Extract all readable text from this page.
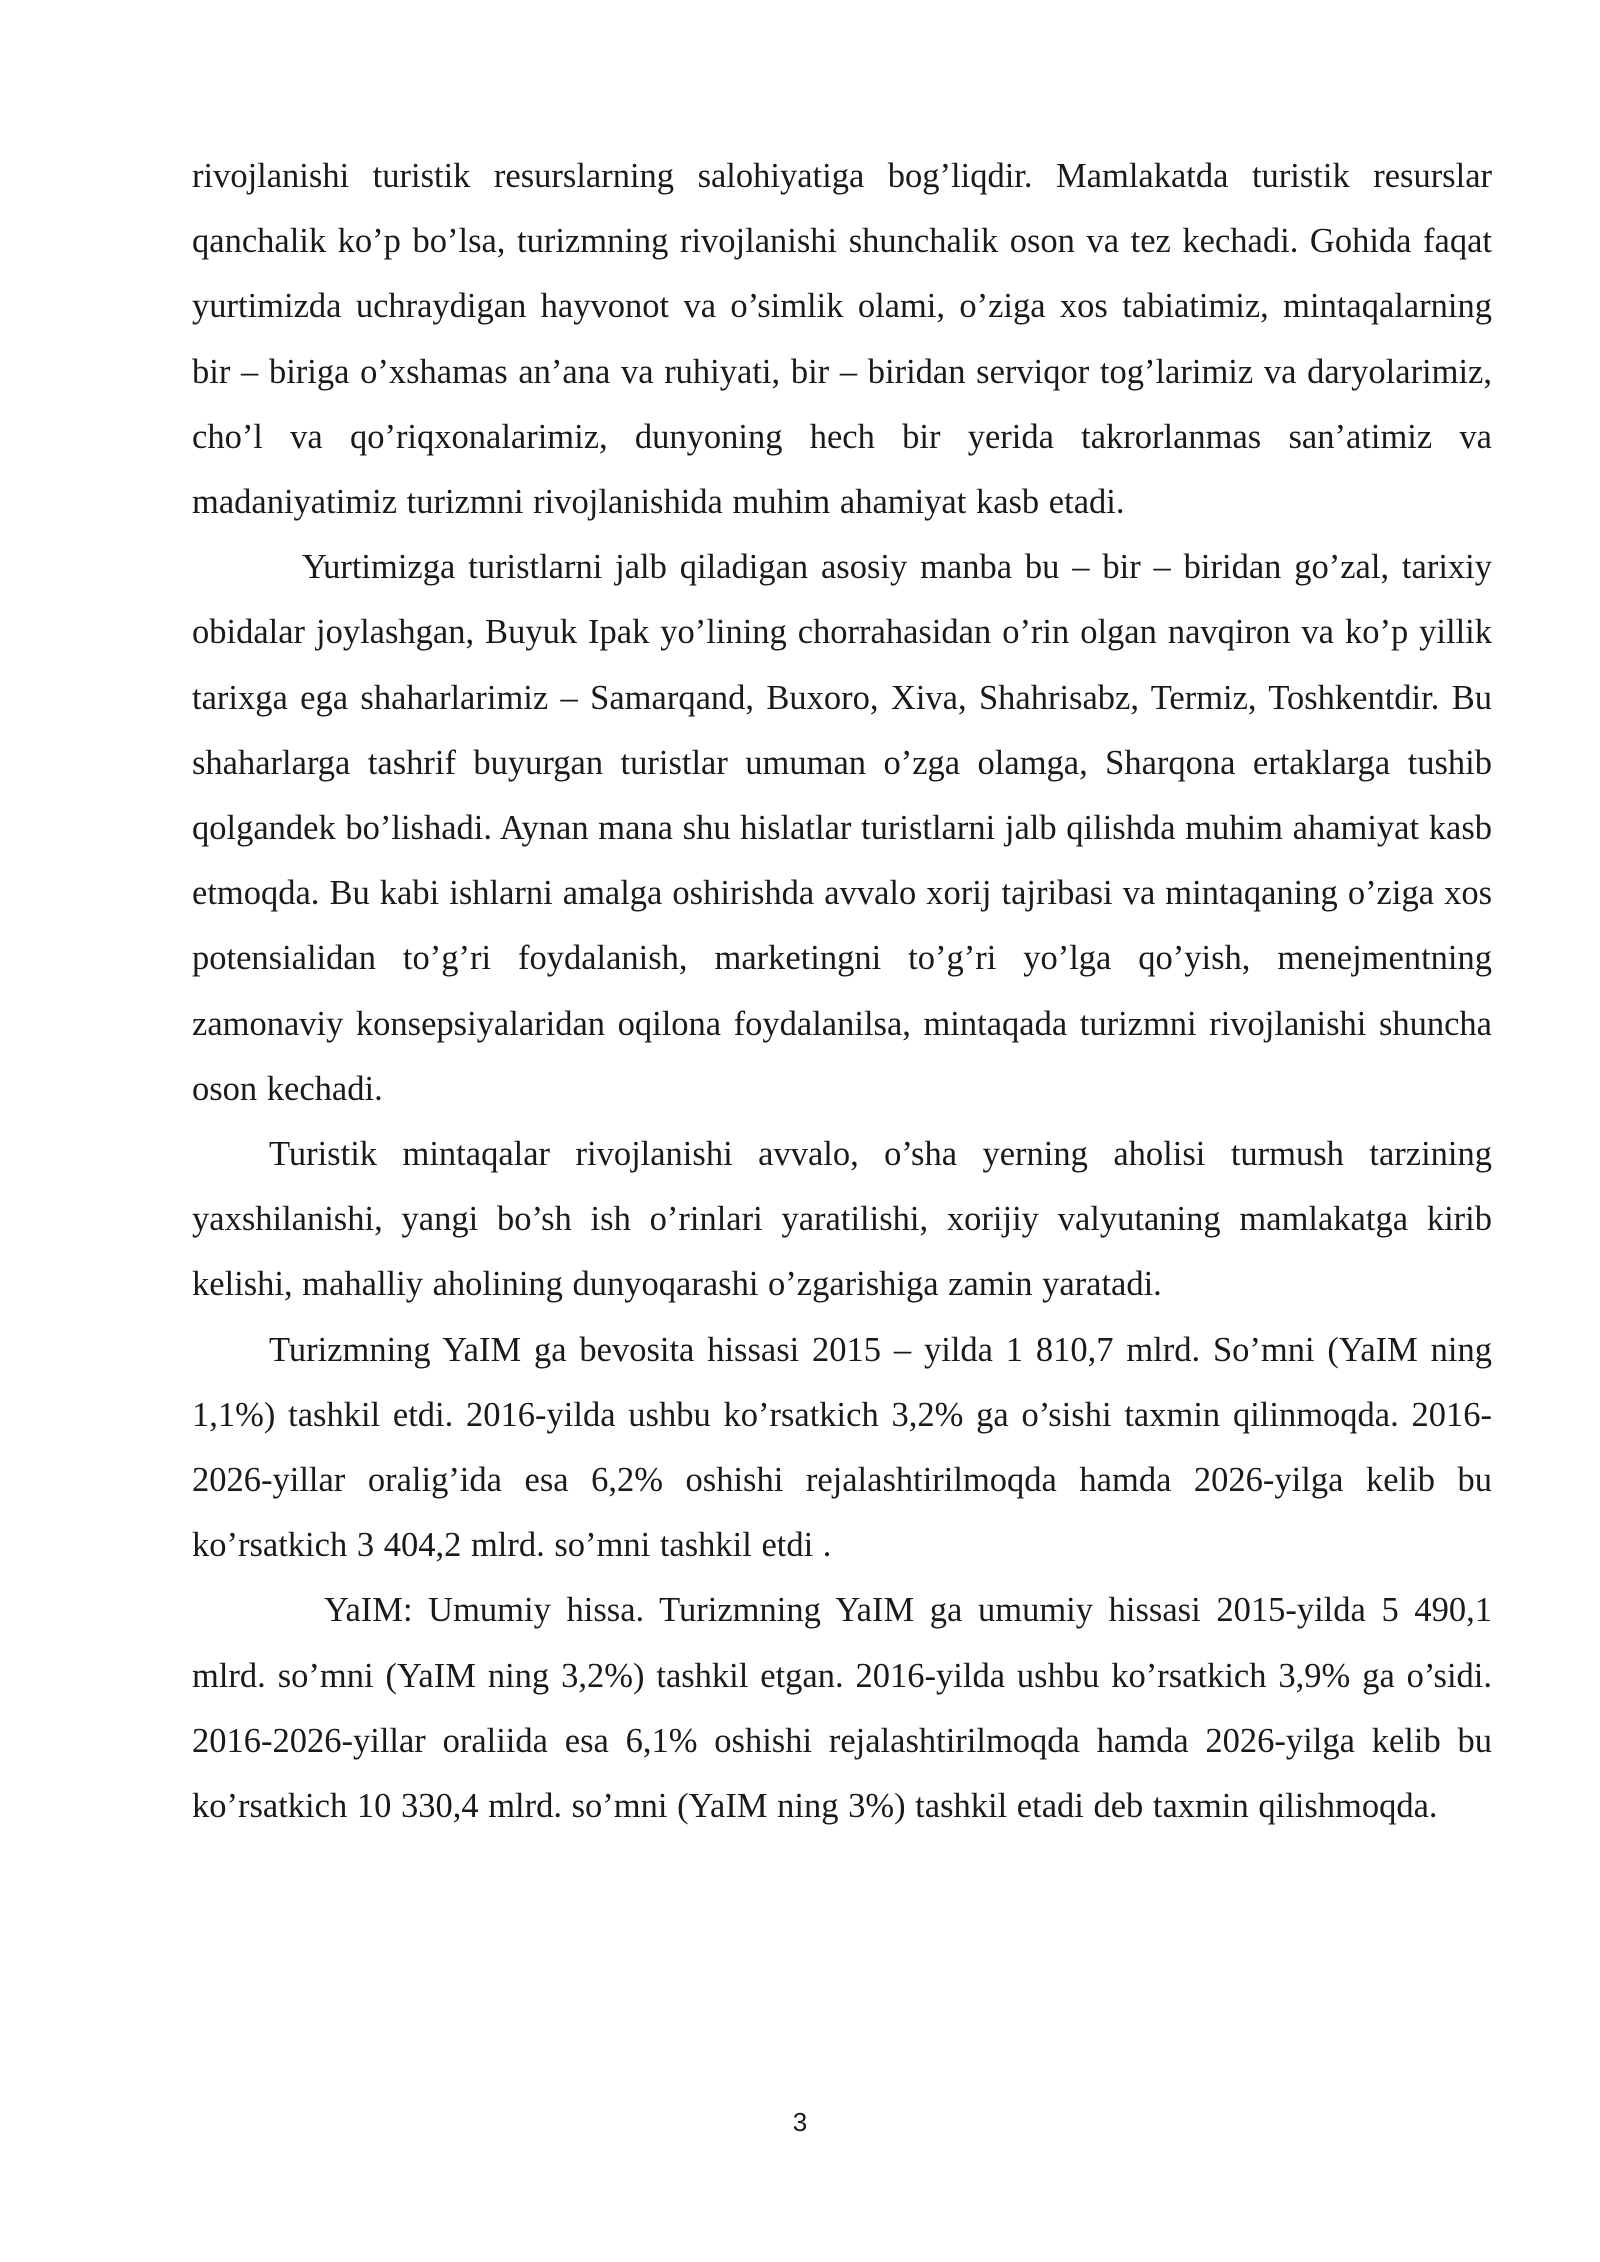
rivojlanishi turistik resurslarning salohiyatiga bog’liqdir. Mamlakatda turistik resurslar qanchalik ko’p bo’lsa, turizmning rivojlanishi shunchalik oson va tez kechadi. Gohida faqat yurtimizda uchraydigan hayvonot va o’simlik olami, o’ziga xos tabiatimiz, mintaqalarning bir – biriga o’xshamas an’ana va ruhiyati, bir – biridan serviqor tog’larimiz va daryolarimiz, cho’l va qo’riqxonalarimiz, dunyoning hech bir yerida takrorlanmas san’atimiz va madaniyatimiz turizmni rivojlanishida muhim ahamiyat kasb etadi.

Yurtimizga turistlarni jalb qiladigan asosiy manba bu – bir – biridan go’zal, tarixiy obidalar joylashgan, Buyuk Ipak yo’lining chorrahasidan o’rin olgan navqiron va ko’p yillik tarixga ega shaharlarimiz – Samarqand, Buxoro, Xiva, Shahrisabz, Termiz, Toshkentdir. Bu shaharlarga tashrif buyurgan turistlar umuman o’zga olamga, Sharqona ertaklarga tushib qolgandek bo’lishadi. Aynan mana shu hislatlar turistlarni jalb qilishda muhim ahamiyat kasb etmoqda. Bu kabi ishlarni amalga oshirishda avvalo xorij tajribasi va mintaqaning o’ziga xos potensialidan to’g’ri foydalanish, marketingni to’g’ri yo’lga qo’yish, menejmentning zamonaviy konsepsiyalaridan oqilona foydalanilsa, mintaqada turizmni rivojlanishi shuncha oson kechadi.

Turistik mintaqalar rivojlanishi avvalo, o’sha yerning aholisi turmush tarzining yaxshilanishi, yangi bo’sh ish o’rinlari yaratilishi, xorijiy valyutaning mamlakatga kirib kelishi, mahalliy aholining dunyoqarashi o’zgarishiga zamin yaratadi.

Turizmning YaIM ga bevosita hissasi 2015 – yilda 1 810,7 mlrd. So’mni (YaIM ning 1,1%) tashkil etdi. 2016-yilda ushbu ko’rsatkich 3,2% ga o’sishi taxmin qilinmoqda. 2016-2026-yillar oralig’ida esa 6,2% oshishi rejalashtirilmoqda hamda 2026-yilga kelib bu ko’rsatkich 3 404,2 mlrd. so’mni tashkil etdi .

YaIM: Umumiy hissa. Turizmning YaIM ga umumiy hissasi 2015-yilda 5 490,1 mlrd. so’mni (YaIM ning 3,2%) tashkil etgan. 2016-yilda ushbu ko’rsatkich 3,9% ga o’sidi. 2016-2026-yillar oraliida esa 6,1% oshishi rejalashtirilmoqda hamda 2026-yilga kelib bu ko’rsatkich 10 330,4 mlrd. so’mni (YaIM ning 3%) tashkil etadi deb taxmin qilishmoqda.

3
